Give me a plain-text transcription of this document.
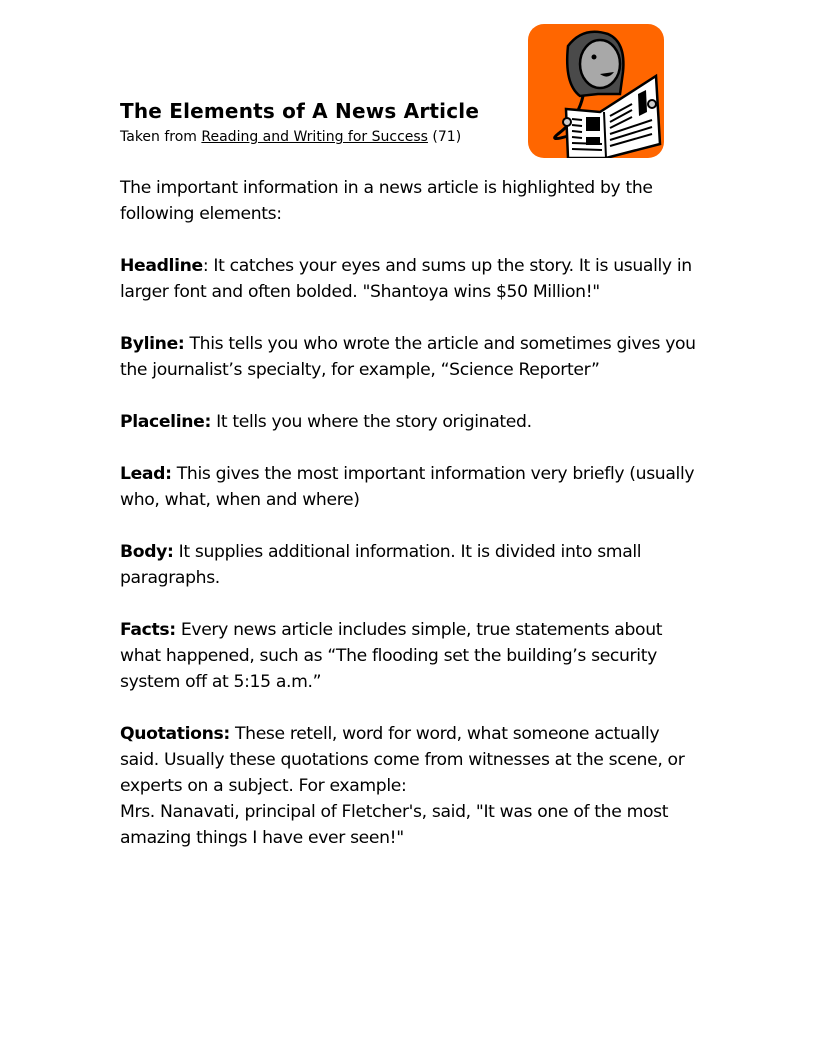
The Elements of A News Article
Taken from Reading and Writing for Success (71)

The important information in a news article is highlighted by the following elements:

Headline: It catches your eyes and sums up the story. It is usually in larger font and often bolded. "Shantoya wins $50 Million!"

Byline: This tells you who wrote the article and sometimes gives you the journalist’s specialty, for example, “Science Reporter”

Placeline: It tells you where the story originated.

Lead: This gives the most important information very briefly (usually who, what, when and where)

Body: It supplies additional information. It is divided into small paragraphs.

Facts: Every news article includes simple, true statements about what happened, such as “The flooding set the building’s security system off at 5:15 a.m.”

Quotations: These retell, word for word, what someone actually said. Usually these quotations come from witnesses at the scene, or experts on a subject. For example:
Mrs. Nanavati, principal of Fletcher's, said, "It was one of the most amazing things I have ever seen!"
